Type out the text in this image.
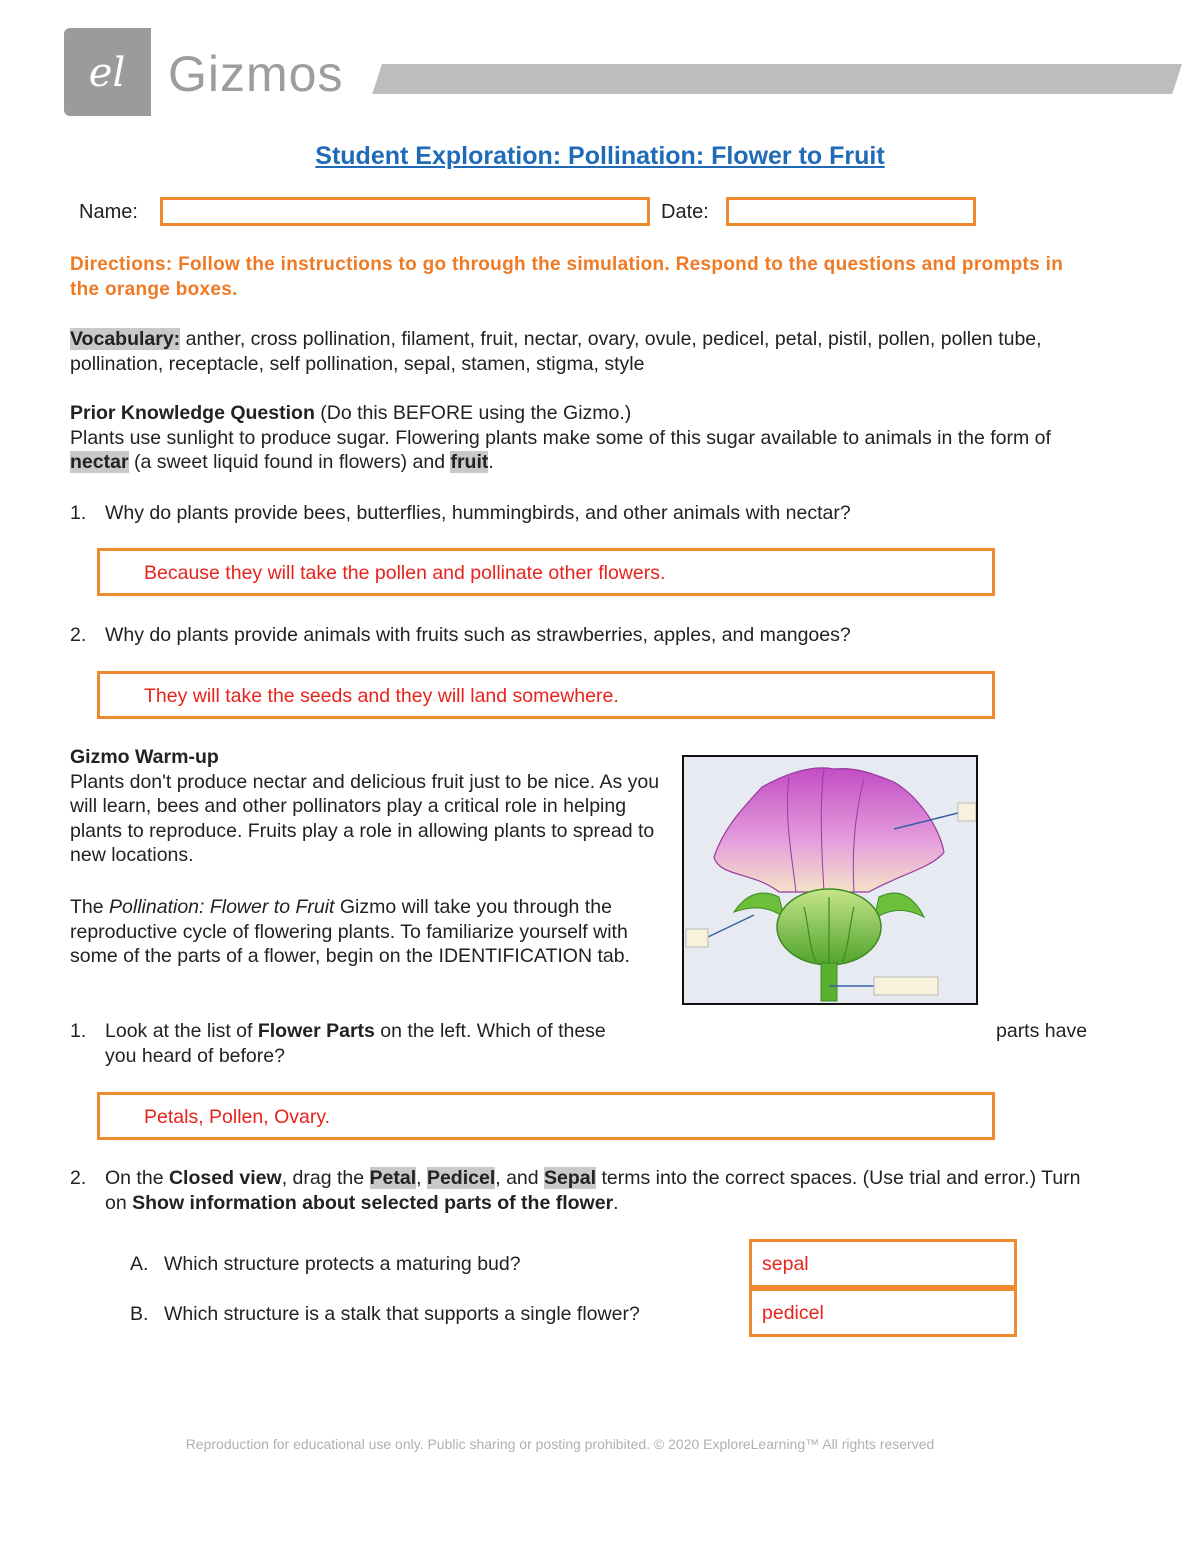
el Gizmos
Student Exploration: Pollination: Flower to Fruit
Name:	Date:
Directions: Follow the instructions to go through the simulation. Respond to the questions and prompts in the orange boxes.
Vocabulary: anther, cross pollination, filament, fruit, nectar, ovary, ovule, pedicel, petal, pistil, pollen, pollen tube, pollination, receptacle, self pollination, sepal, stamen, stigma, style
Prior Knowledge Question (Do this BEFORE using the Gizmo.)
Plants use sunlight to produce sugar. Flowering plants make some of this sugar available to animals in the form of nectar (a sweet liquid found in flowers) and fruit.
1. Why do plants provide bees, butterflies, hummingbirds, and other animals with nectar?
Because they will take the pollen and pollinate other flowers.
2. Why do plants provide animals with fruits such as strawberries, apples, and mangoes?
They will take the seeds and they will land somewhere.
Gizmo Warm-up
Plants don't produce nectar and delicious fruit just to be nice. As you will learn, bees and other pollinators play a critical role in helping plants to reproduce. Fruits play a role in allowing plants to spread to new locations.
The Pollination: Flower to Fruit Gizmo will take you through the reproductive cycle of flowering plants. To familiarize yourself with some of the parts of a flower, begin on the IDENTIFICATION tab.
1. Look at the list of Flower Parts on the left. Which of these	parts have
you heard of before?
Petals, Pollen, Ovary.
2. On the Closed view, drag the Petal, Pedicel, and Sepal terms into the correct spaces. (Use trial and error.) Turn on Show information about selected parts of the flower.
A. Which structure protects a maturing bud?	sepal
B. Which structure is a stalk that supports a single flower?	pedicel
Reproduction for educational use only. Public sharing or posting prohibited. © 2020 ExploreLearning™ All rights reserved
